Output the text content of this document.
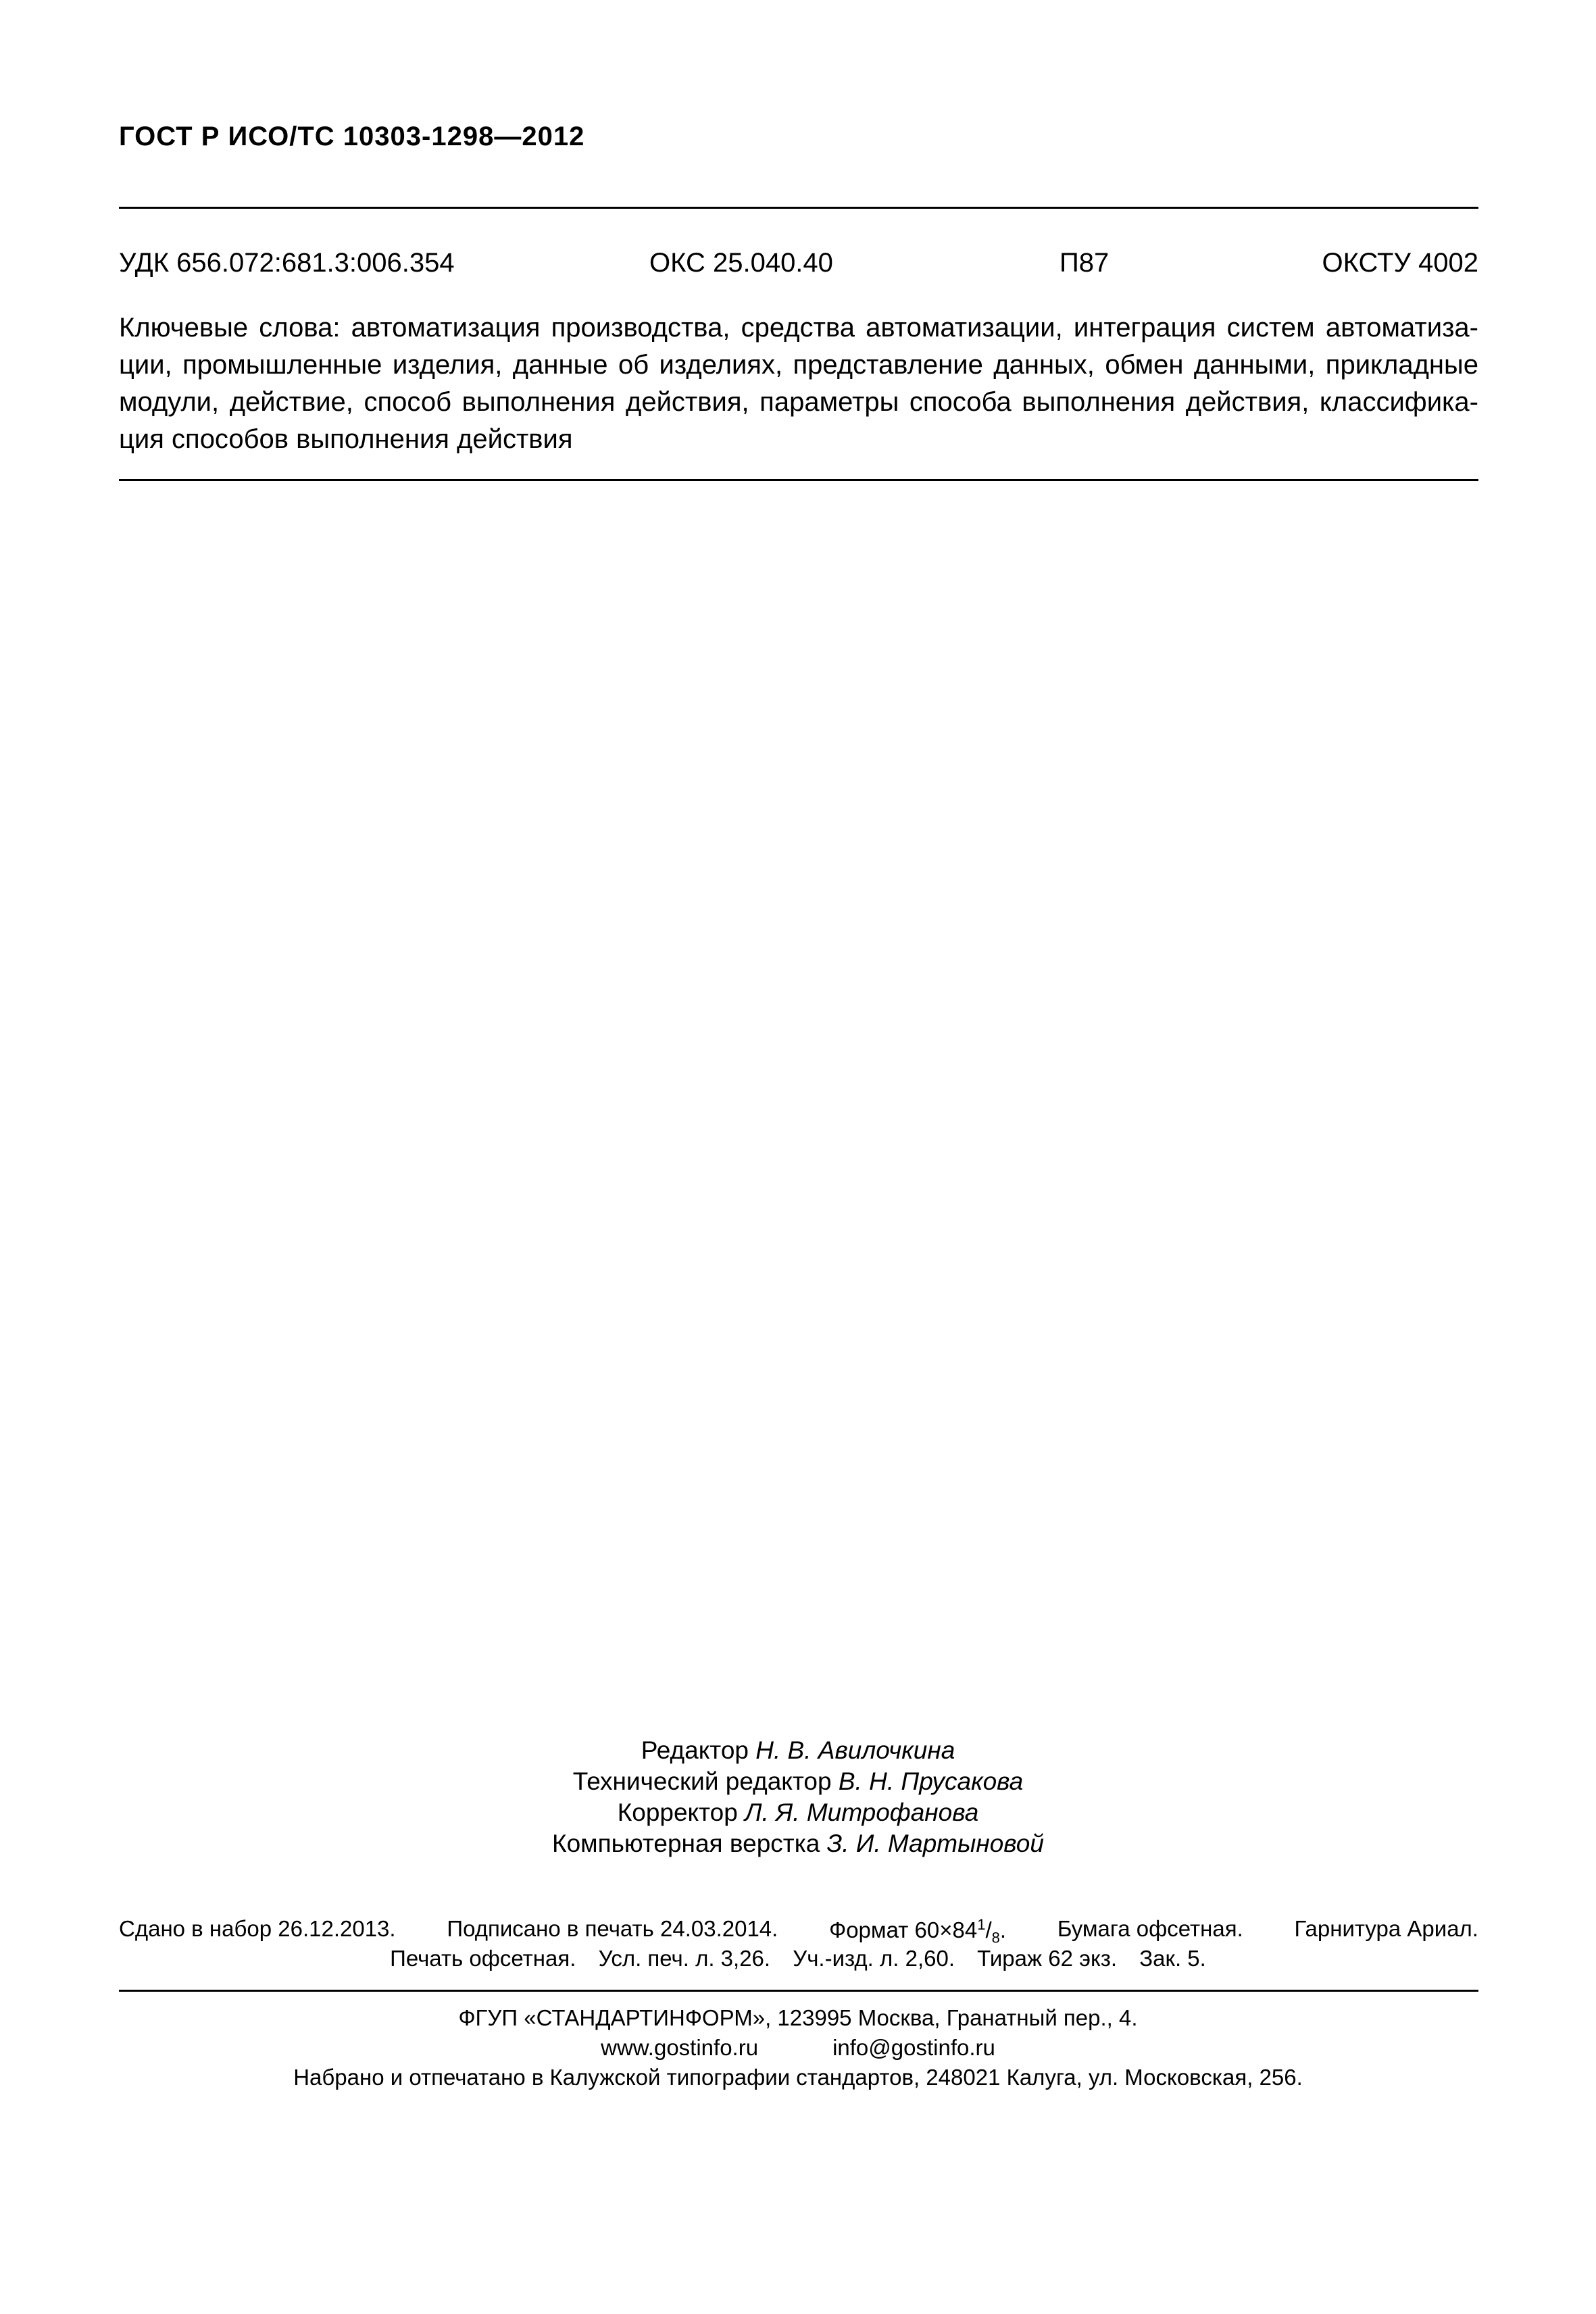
ГОСТ Р ИСО/ТС 10303-1298—2012
УДК 656.072:681.3:006.354	ОКС 25.040.40	П87	ОКСТУ 4002
Ключевые слова: автоматизация производства, средства автоматизации, интеграция систем автоматизации, промышленные изделия, данные об изделиях, представление данных, обмен данными, прикладные модули, действие, способ выполнения действия, параметры способа выполнения действия, классификация способов выполнения действия
Редактор Н. В. Авилочкина
Технический редактор В. Н. Прусакова
Корректор Л. Я. Митрофанова
Компьютерная верстка З. И. Мартыновой
Сдано в набор 26.12.2013. Подписано в печать 24.03.2014. Формат $60\times 84^1/_8$. Бумага офсетная. Гарнитура Ариал.
Печать офсетная. Усл. печ. л. 3,26. Уч.-изд. л. 2,60. Тираж 62 экз. Зак. 5.
ФГУП «СТАНДАРТИНФОРМ», 123995 Москва, Гранатный пер., 4.
www.gostinfo.ru	info@gostinfo.ru
Набрано и отпечатано в Калужской типографии стандартов, 248021 Калуга, ул. Московская, 256.
